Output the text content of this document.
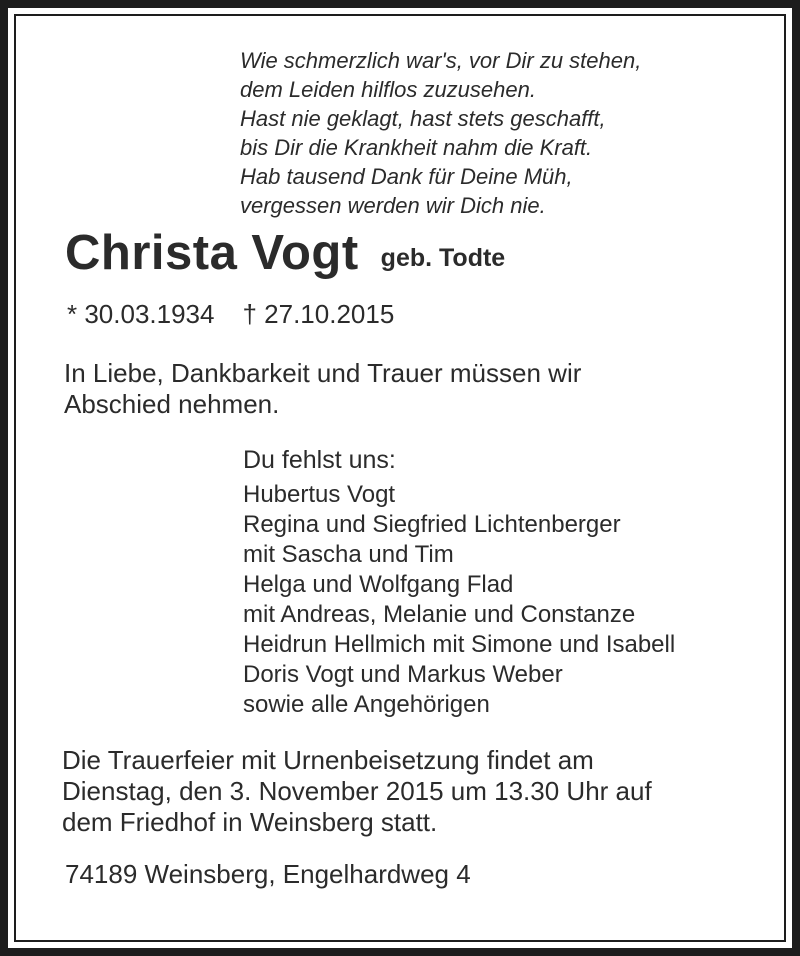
Wie schmerzlich war's, vor Dir zu stehen,
dem Leiden hilflos zuzusehen.
Hast nie geklagt, hast stets geschafft,
bis Dir die Krankheit nahm die Kraft.
Hab tausend Dank für Deine Müh,
vergessen werden wir Dich nie.
Christa Vogt geb. Todte
* 30.03.1934 † 27.10.2015
In Liebe, Dankbarkeit und Trauer müssen wir
Abschied nehmen.
Du fehlst uns:
Hubertus Vogt
Regina und Siegfried Lichtenberger
mit Sascha und Tim
Helga und Wolfgang Flad
mit Andreas, Melanie und Constanze
Heidrun Hellmich mit Simone und Isabell
Doris Vogt und Markus Weber
sowie alle Angehörigen
Die Trauerfeier mit Urnenbeisetzung findet am
Dienstag, den 3. November 2015 um 13.30 Uhr auf
dem Friedhof in Weinsberg statt.
74189 Weinsberg, Engelhardweg 4
